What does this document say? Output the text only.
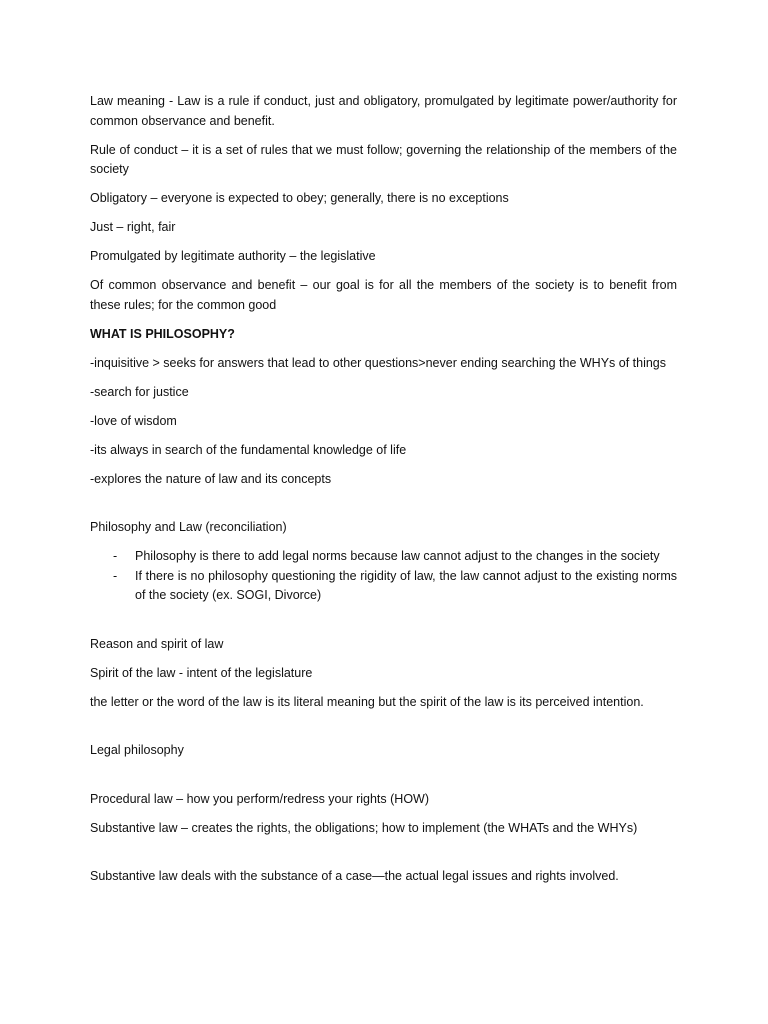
Law meaning - Law is a rule if conduct, just and obligatory, promulgated by legitimate power/authority for common observance and benefit.

Rule of conduct – it is a set of rules that we must follow; governing the relationship of the members of the society

Obligatory – everyone is expected to obey; generally, there is no exceptions

Just – right, fair

Promulgated by legitimate authority – the legislative

Of common observance and benefit – our goal is for all the members of the society is to benefit from these rules; for the common good

WHAT IS PHILOSOPHY?

-inquisitive > seeks for answers that lead to other questions>never ending searching the WHYs of things

-search for justice

-love of wisdom

-its always in search of the fundamental knowledge of life

-explores the nature of law and its concepts

Philosophy and Law (reconciliation)

- Philosophy is there to add legal norms because law cannot adjust to the changes in the society
- If there is no philosophy questioning the rigidity of law, the law cannot adjust to the existing norms of the society (ex. SOGI, Divorce)

Reason and spirit of law

Spirit of the law - intent of the legislature

the letter or the word of the law is its literal meaning but the spirit of the law is its perceived intention.

Legal philosophy

Procedural law – how you perform/redress your rights (HOW)

Substantive law – creates the rights, the obligations; how to implement (the WHATs and the WHYs)

Substantive law deals with the substance of a case—the actual legal issues and rights involved.
